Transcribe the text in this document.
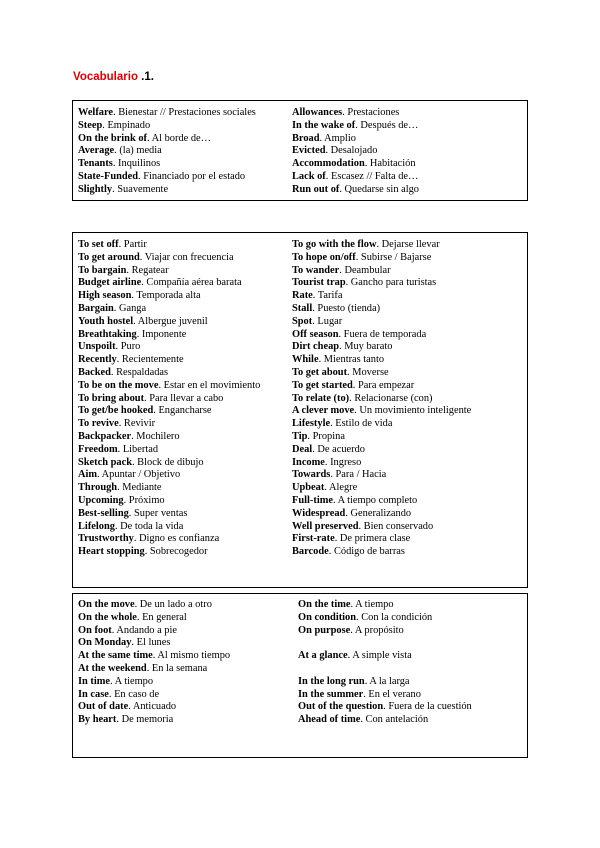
Vocabulario .1.
Welfare. Bienestar // Prestaciones sociales	Allowances. Prestaciones
Steep. Empinado	In the wake of. Después de…
On the brink of. Al borde de…	Broad. Amplio
Average. (la) media	Evicted. Desalojado
Tenants. Inquilinos	Accommodation. Habitación
State-Funded. Financiado por el estado	Lack of. Escasez // Falta de…
Slightly. Suavemente	Run out of. Quedarse sin algo
To set off. Partir	To go with the flow. Dejarse llevar
To get around. Viajar con frecuencia	To hope on/off. Subirse / Bajarse
To bargain. Regatear	To wander. Deambular
Budget airline. Compañía aérea barata	Tourist trap. Gancho para turistas
High season. Temporada alta	Rate. Tarifa
Bargain. Ganga	Stall. Puesto (tienda)
Youth hostel. Albergue juvenil	Spot. Lugar
Breathtaking. Imponente	Off season. Fuera de temporada
Unspoilt. Puro	Dirt cheap. Muy barato
Recently. Recientemente	While. Mientras tanto
Backed. Respaldadas	To get about. Moverse
To be on the move. Estar en el movimiento	To get started. Para empezar
To bring about. Para llevar a cabo	To relate (to). Relacionarse (con)
To get/be hooked. Engancharse	A clever move. Un movimiento inteligente
To revive. Revivir	Lifestyle. Estilo de vida
Backpacker. Mochilero	Tip. Propina
Freedom. Libertad	Deal. De acuerdo
Sketch pack. Block de dibujo	Income. Ingreso
Aim. Apuntar / Objetivo	Towards. Para / Hacia
Through. Mediante	Upbeat. Alegre
Upcoming. Próximo	Full-time. A tiempo completo
Best-selling. Super ventas	Widespread. Generalizando
Lifelong. De toda la vida	Well preserved. Bien conservado
Trustworthy. Digno es confianza	First-rate. De primera clase
Heart stopping. Sobrecogedor	Barcode. Código de barras
On the move. De un lado a otro	On the time. A tiempo
On the whole. En general	On condition. Con la condición
On foot. Andando a pie	On purpose. A propósito
On Monday. El lunes
At the same time. Al mismo tiempo	At a glance. A simple vista
At the weekend. En la semana
In time. A tiempo	In the long run. A la larga
In case. En caso de	In the summer. En el verano
Out of date. Anticuado	Out of the question. Fuera de la cuestión
By heart. De memoria	Ahead of time. Con antelación
